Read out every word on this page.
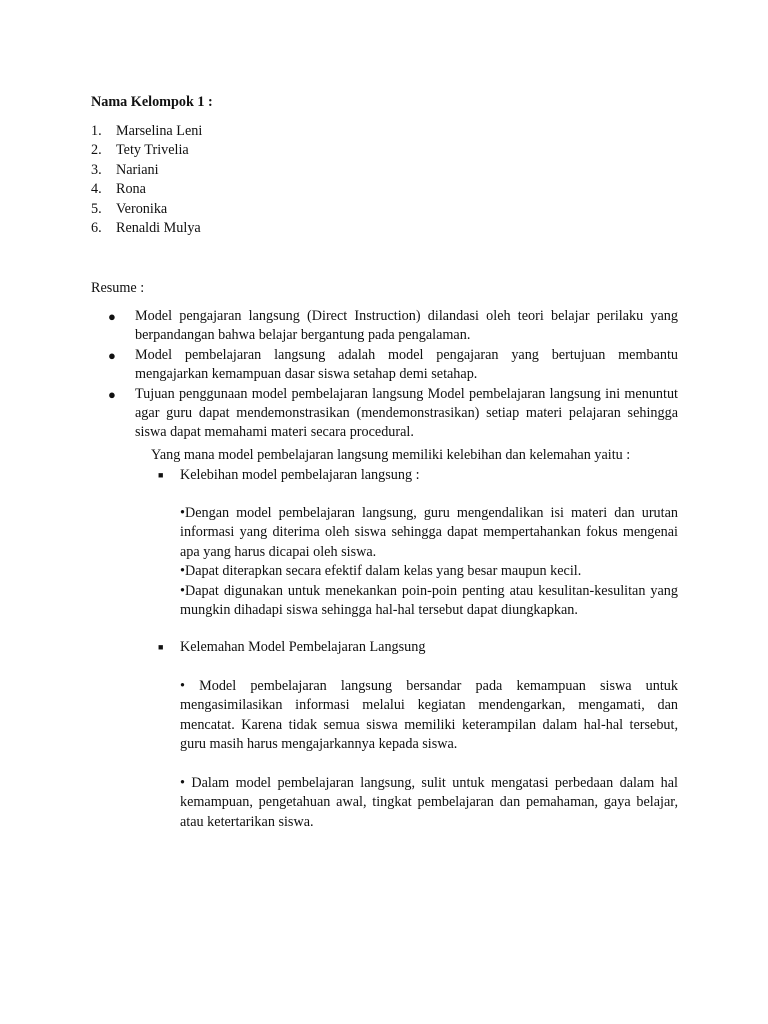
Nama Kelompok 1 :
1.	Marselina Leni
2.	Tety Trivelia
3.	Nariani
4.	Rona
5.	Veronika
6.	Renaldi Mulya
Resume :
●	Model pengajaran langsung (Direct Instruction) dilandasi oleh teori belajar perilaku yang berpandangan bahwa belajar bergantung pada pengalaman.
●	Model pembelajaran langsung adalah model pengajaran yang bertujuan membantu mengajarkan kemampuan dasar siswa setahap demi setahap.
●	Tujuan penggunaan model pembelajaran langsung Model pembelajaran langsung ini menuntut agar guru dapat mendemonstrasikan (mendemonstrasikan) setiap materi pelajaran sehingga siswa dapat memahami materi secara procedural.
Yang mana model pembelajaran langsung memiliki kelebihan dan kelemahan yaitu :
■	Kelebihan model pembelajaran langsung :

•Dengan model pembelajaran langsung, guru mengendalikan isi materi dan urutan informasi yang diterima oleh siswa sehingga dapat mempertahankan fokus mengenai apa yang harus dicapai oleh siswa.

•Dapat diterapkan secara efektif dalam kelas yang besar maupun kecil.

•Dapat digunakan untuk menekankan poin-poin penting atau kesulitan-kesulitan yang mungkin dihadapi siswa sehingga hal-hal tersebut dapat diungkapkan.

■	Kelemahan Model Pembelajaran Langsung

• Model pembelajaran langsung bersandar pada kemampuan siswa untuk mengasimilasikan informasi melalui kegiatan mendengarkan, mengamati, dan mencatat. Karena tidak semua siswa memiliki keterampilan dalam hal-hal tersebut, guru masih harus mengajarkannya kepada siswa.

• Dalam model pembelajaran langsung, sulit untuk mengatasi perbedaan dalam hal kemampuan, pengetahuan awal, tingkat pembelajaran dan pemahaman, gaya belajar, atau ketertarikan siswa.
